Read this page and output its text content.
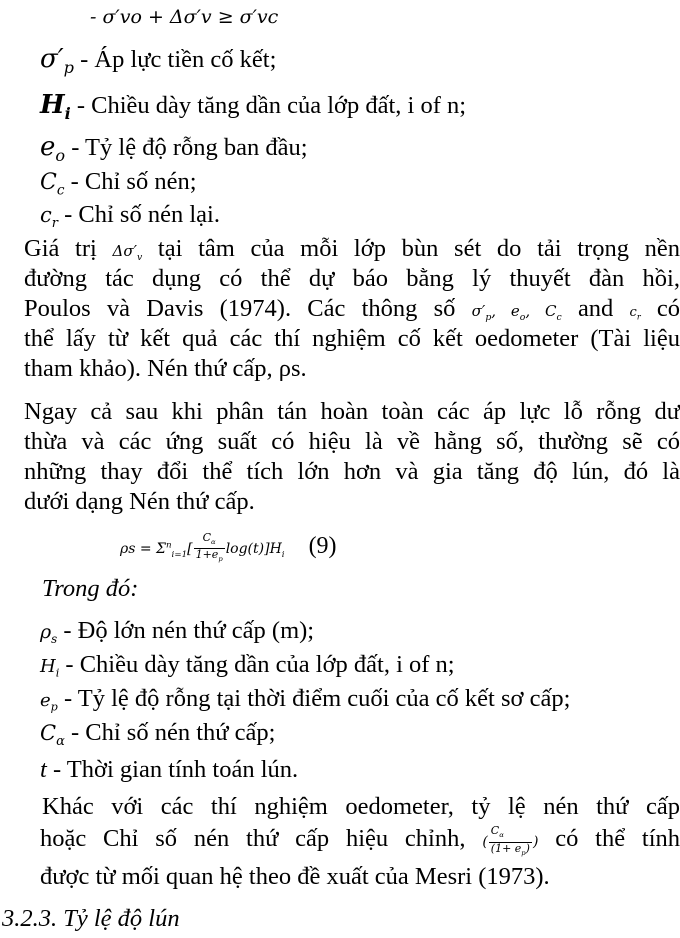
- σ′vo + Δσ′v ≥ σ′vc
$\sigma'_p$ - Áp lực tiền cố kết;
$H_i$ - Chiều dày tăng dần của lớp đất, i of n;
$e_o$ - Tỷ lệ độ rỗng ban đầu;
$C_c$ - Chỉ số nén;
$c_r$ - Chỉ số nén lại.
Giá trị $\Delta\sigma'_v$ tại tâm của mỗi lớp bùn sét do tải trọng nền
đường tác dụng có thể dự báo bằng lý thuyết đàn hồi,
Poulos và Davis (1974). Các thông số $\sigma'_p$, $e_o$, $C_c$ and $c_r$ có
thể lấy từ kết quả các thí nghiệm cố kết oedometer (Tài liệu
tham khảo). Nén thứ cấp, ρs.
Ngay cả sau khi phân tán hoàn toàn các áp lực lỗ rỗng dư
thừa và các ứng suất có hiệu là về hằng số, thường sẽ có
những thay đổi thể tích lớn hơn và gia tăng độ lún, đó là
dưới dạng Nén thứ cấp.
$\rho s = \Sigma^n_{i=1}[ \frac{C_\alpha}{1+e_p} \log(t)]H_i$ (9)
Trong đó:
$\rho_s$ - Độ lớn nén thứ cấp (m);
$H_i$ - Chiều dày tăng dần của lớp đất, i of n;
$e_p$ - Tỷ lệ độ rỗng tại thời điểm cuối của cố kết sơ cấp;
$C_\alpha$ - Chỉ số nén thứ cấp;
t - Thời gian tính toán lún.
Khác với các thí nghiệm oedometer, tỷ lệ nén thứ cấp
hoặc Chỉ số nén thứ cấp hiệu chỉnh, ( $\frac{C_\alpha}{(1+ e_p)}$ ) có thể tính
được từ mối quan hệ theo đề xuất của Mesri (1973).
3.2.3. Tỷ lệ độ lún
